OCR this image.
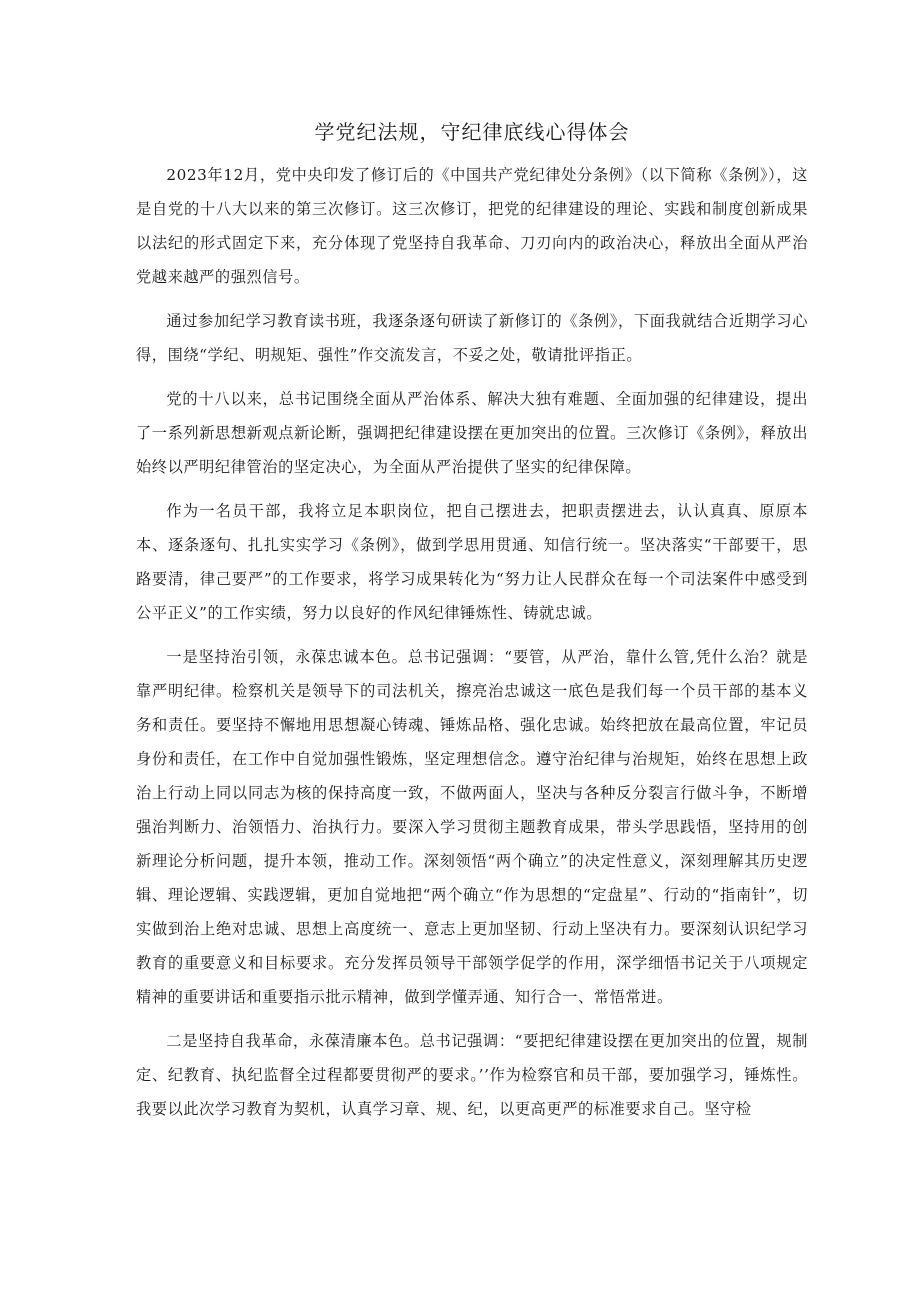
学党纪法规，守纪律底线心得体会

2023年12月，党中央印发了修订后的《中国共产党纪律处分条例》（以下简称《条例》），这是自党的十八大以来的第三次修订。这三次修订，把党的纪律建设的理论、实践和制度创新成果以法纪的形式固定下来，充分体现了党坚持自我革命、刀刃向内的政治决心，释放出全面从严治党越来越严的强烈信号。

通过参加纪学习教育读书班，我逐条逐句研读了新修订的《条例》，下面我就结合近期学习心得，围绕“学纪、明规矩、强性”作交流发言，不妥之处，敬请批评指正。

党的十八以来，总书记围绕全面从严治体系、解决大独有难题、全面加强的纪律建设，提出了一系列新思想新观点新论断，强调把纪律建设摆在更加突出的位置。三次修订《条例》，释放出始终以严明纪律管治的坚定决心，为全面从严治提供了坚实的纪律保障。

作为一名员干部，我将立足本职岗位，把自己摆进去，把职责摆进去，认认真真、原原本本、逐条逐句、扎扎实实学习《条例》，做到学思用贯通、知信行统一。坚决落实“干部要干，思路要清，律己要严”的工作要求，将学习成果转化为“努力让人民群众在每一个司法案件中感受到公平正义”的工作实绩，努力以良好的作风纪律锤炼性、铸就忠诚。

一是坚持治引领，永葆忠诚本色。总书记强调：“要管，从严治，靠什么管,凭什么治？就是靠严明纪律。检察机关是领导下的司法机关，擦亮治忠诚这一底色是我们每一个员干部的基本义务和责任。要坚持不懈地用思想凝心铸魂、锤炼品格、强化忠诚。始终把放在最高位置，牢记员身份和责任，在工作中自觉加强性锻炼，坚定理想信念。遵守治纪律与治规矩，始终在思想上政治上行动上同以同志为核的保持高度一致，不做两面人，坚决与各种反分裂言行做斗争，不断增强治判断力、治领悟力、治执行力。要深入学习贯彻主题教育成果，带头学思践悟，坚持用的创新理论分析问题，提升本领，推动工作。深刻领悟“两个确立”的决定性意义，深刻理解其历史逻辑、理论逻辑、实践逻辑，更加自觉地把“两个确立“作为思想的“定盘星”、行动的“指南针”，切实做到治上绝对忠诚、思想上高度统一、意志上更加坚韧、行动上坚决有力。要深刻认识纪学习教育的重要意义和目标要求。充分发挥员领导干部领学促学的作用，深学细悟书记关于八项规定精神的重要讲话和重要指示批示精神，做到学懂弄通、知行合一、常悟常进。

二是坚持自我革命，永葆清廉本色。总书记强调：“要把纪律建设摆在更加突出的位置，规制定、纪教育、执纪监督全过程都要贯彻严的要求。’’作为检察官和员干部，要加强学习，锤炼性。我要以此次学习教育为契机，认真学习章、规、纪，以更高更严的标准要求自己。坚守检
